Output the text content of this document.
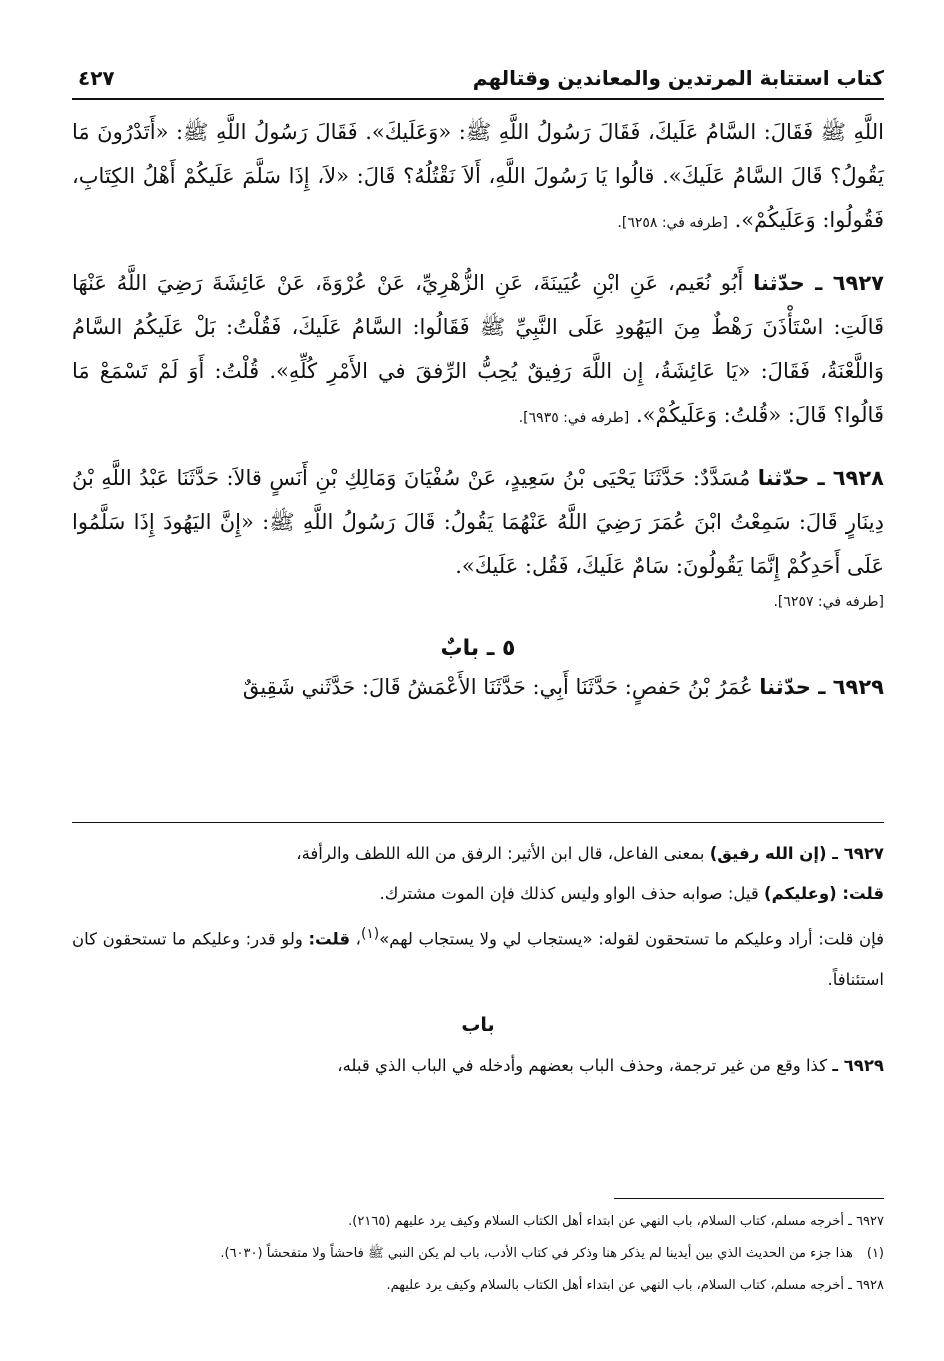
كتاب استتابة المرتدين والمعاندين وقتالهم
٤٢٧

اللَّهِ ﷺ فَقَالَ: السَّامُ عَلَيكَ، فَقَالَ رَسُولُ اللَّهِ ﷺ: «وَعَلَيكَ». فَقَالَ رَسُولُ اللَّهِ ﷺ: «أَتَدْرُونَ مَا يَقُولُ؟ قَالَ السَّامُ عَلَيكَ». قالُوا يَا رَسُولَ اللَّهِ، أَلاَ نَقْتُلُهُ؟ قَالَ: «لاَ، إِذَا سَلَّمَ عَلَيكُمْ أَهْلُ الكِتَابِ، فَقُولُوا: وَعَلَيكُمْ». [طرفه في: ٦٢٥٨].

٦٩٢٧ ـ حدّثنا أَبُو نُعَيم، عَنِ ابْنِ عُيَينَةَ، عَنِ الزُّهْرِيِّ، عَنْ عُرْوَةَ، عَنْ عَائِشَةَ رَضِيَ اللَّهُ عَنْهَا قَالَتِ: اسْتَأْذَنَ رَهْطٌ مِنَ اليَهُودِ عَلَى النَّبِيِّ ﷺ فَقَالُوا: السَّامُ عَلَيكَ، فَقُلْتُ: بَلْ عَلَيكُمُ السَّامُ وَاللَّعْنَةُ، فَقَالَ: «يَا عَائِشَةُ، إِن اللَّهَ رَفِيقٌ يُحِبُّ الرِّفقَ في الأَمْرِ كُلِّهِ». قُلْتُ: أَوَ لَمْ تَسْمَعْ مَا قَالُوا؟ قَالَ: «قُلتُ: وَعَلَيكُمْ». [طرفه في: ٦٩٣٥].

٦٩٢٨ ـ حدّثنا مُسَدَّدٌ: حَدَّثَنَا يَحْيَى بْنُ سَعِيدٍ، عَنْ سُفْيَانَ وَمَالِكِ بْنِ أَنَسٍ قالاَ: حَدَّثَنَا عَبْدُ اللَّهِ بْنُ دِينَارٍ قَالَ: سَمِعْتُ ابْنَ عُمَرَ رَضِيَ اللَّهُ عَنْهُمَا يَقُولُ: قَالَ رَسُولُ اللَّهِ ﷺ: «إِنَّ اليَهُودَ إِذَا سَلَّمُوا عَلَى أَحَدِكُمْ إِنَّمَا يَقُولُونَ: سَامٌ عَلَيكَ، فَقُل: عَلَيكَ».
[طرفه في: ٦٢٥٧].

٥ ـ بابٌ

٦٩٢٩ ـ حدّثنا عُمَرُ بْنُ حَفصٍ: حَدَّثَنَا أَبِي: حَدَّثَنَا الأَعْمَشُ قَالَ: حَدَّثَني شَقِيقٌ

٦٩٢٧ ـ (إن الله رفيق) بمعنى الفاعل، قال ابن الأثير: الرفق من الله اللطف والرأفة،

قلت: (وعليكم) قيل: صوابه حذف الواو وليس كذلك فإن الموت مشترك.

فإن قلت: أراد وعليكم ما تستحقون لقوله: «يستجاب لي ولا يستجاب لهم»$^{(١)}$، قلت: ولو قدر: وعليكم ما تستحقون كان استئنافاً.

باب

٦٩٢٩ ـ كذا وقع من غير ترجمة، وحذف الباب بعضهم وأدخله في الباب الذي قبله،

٦٩٢٧ ـ أخرجه مسلم، كتاب السلام، باب النهي عن ابتداء أهل الكتاب السلام وكيف يرد عليهم (٢١٦٥).

(١)هذا جزء من الحديث الذي بين أيدينا لم يذكر هنا وذكر في كتاب الأدب، باب لم يكن النبي ﷺ فاحشاً ولا متفحشاً (٦٠٣٠).

٦٩٢٨ ـ أخرجه مسلم، كتاب السلام، باب النهي عن ابتداء أهل الكتاب بالسلام وكيف يرد عليهم.
